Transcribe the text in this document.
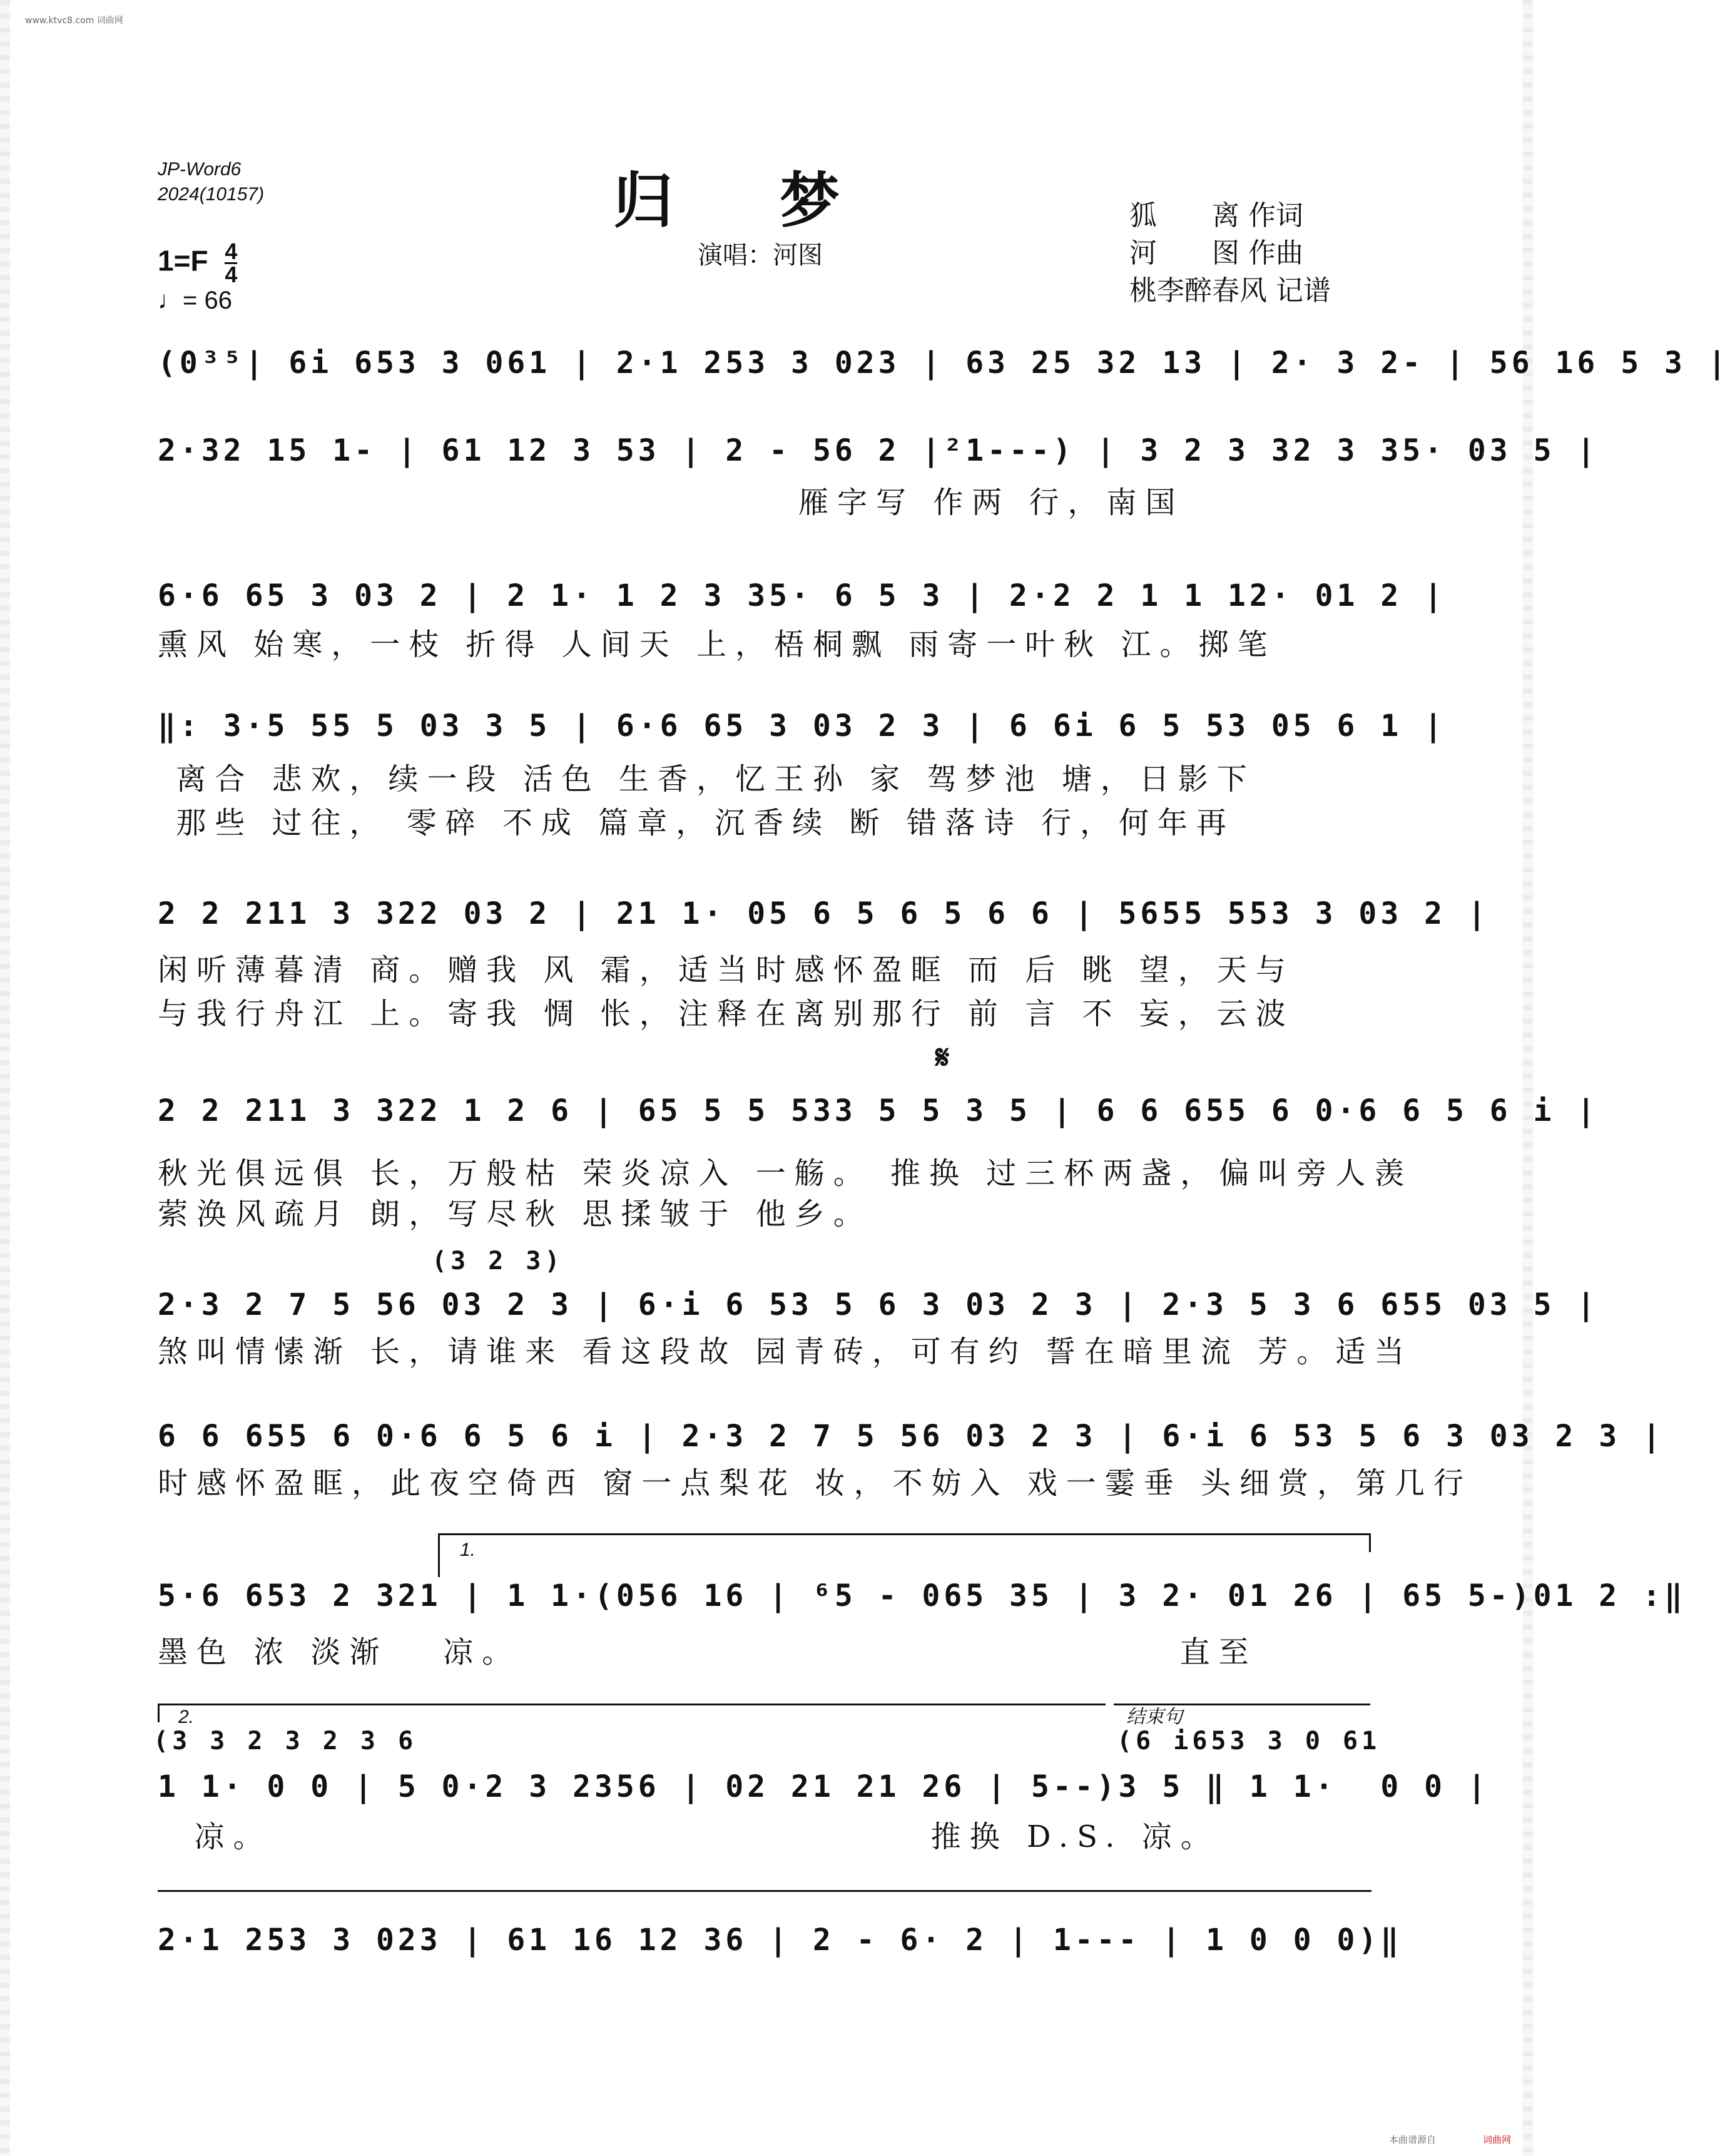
www.ktvc8.com 词曲网
JP-Word6
2024(10157)	归梦
演唱：河图
狐　　离 作词
河　　图 作曲
桃李醉春风 记谱
$1=F \frac{4}{4}$
♩= 66
(0³⁵| 6i 653 3 061 | 2·1 253 3 023 | 63 25 32 13 | 2· 3 2- | 56 16 5 3 |
2·32 15 1- | 61 12 3 53 | 2 - 56 2 |²1---) | 3 2 3 32 3 35· 03 5 |
雁字写 作两 行，南国
6·6 65 3 03 2 | 2 1· 1 2 3 35· 6 5 3 | 2·2 2 1 1 12· 01 2 |
熏风 始寒，一枝 折得 人间天 上，梧桐飘 雨寄一叶秋 江。掷笔
‖: 3·5 55 5 03 3 5 | 6·6 65 3 03 2 3 | 6 6i 6 5 53 05 6 1 |
离合 悲欢，续一段 活色 生香，忆王孙 家 驾梦池 塘，日影下
那些 过往， 零碎 不成 篇章，沉香续 断 错落诗 行，何年再
2 2 211 3 322 03 2 | 21 1· 05 6 5 6 5 6 6 | 5655 553 3 03 2 |
闲听薄暮清 商。赠我 风 霜，适当时感怀盈眶 而 后 眺 望，天与
与我行舟江 上。寄我 惆 怅，注释在离别那行 前 言 不 妄，云波
𝄋
2 2 211 3 322 1 2 6 | 65 5 5 533 5 5 3 5 | 6 6 655 6 0·6 6 5 6 i |
秋光俱远俱 长，万般枯 荣炎凉入 一觞。 推换 过三杯两盏，偏叫旁人羡
萦涣风疏月 朗，写尽秋 思揉皱于 他乡。
(3 2 3)
2·3 2 7 5 56 03 2 3 | 6·i 6 53 5 6 3 03 2 3 | 2·3 5 3 6 655 03 5 |
煞叫情愫渐 长，请谁来 看这段故 园青砖，可有约 誓在暗里流 芳。适当
6 6 655 6 0·6 6 5 6 i | 2·3 2 7 5 56 03 2 3 | 6·i 6 53 5 6 3 03 2 3 |
时感怀盈眶，此夜空倚西 窗一点梨花 妆，不妨入 戏一霎垂 头细赏，第几行
1.
5·6 653 2 321 | 1 1·(056 16 | ⁶5 - 065 35 | 3 2· 01 26 | 65 5-)01 2 :‖
墨色 浓 淡渐   凉。                                    直至
2.	结束句
(3 3 2 3 2 3 6	(6 i653 3 0 61
1 1· 0 0 | 5 0·2 3 2356 | 02 21 21 26 | 5--)3 5 ‖ 1 1·  0 0 |
凉。                                    推换 D.S. 凉。
2·1 253 3 023 | 61 16 12 36 | 2 - 6· 2 | 1--- | 1 0 0 0)‖
本曲谱源自	词曲网
